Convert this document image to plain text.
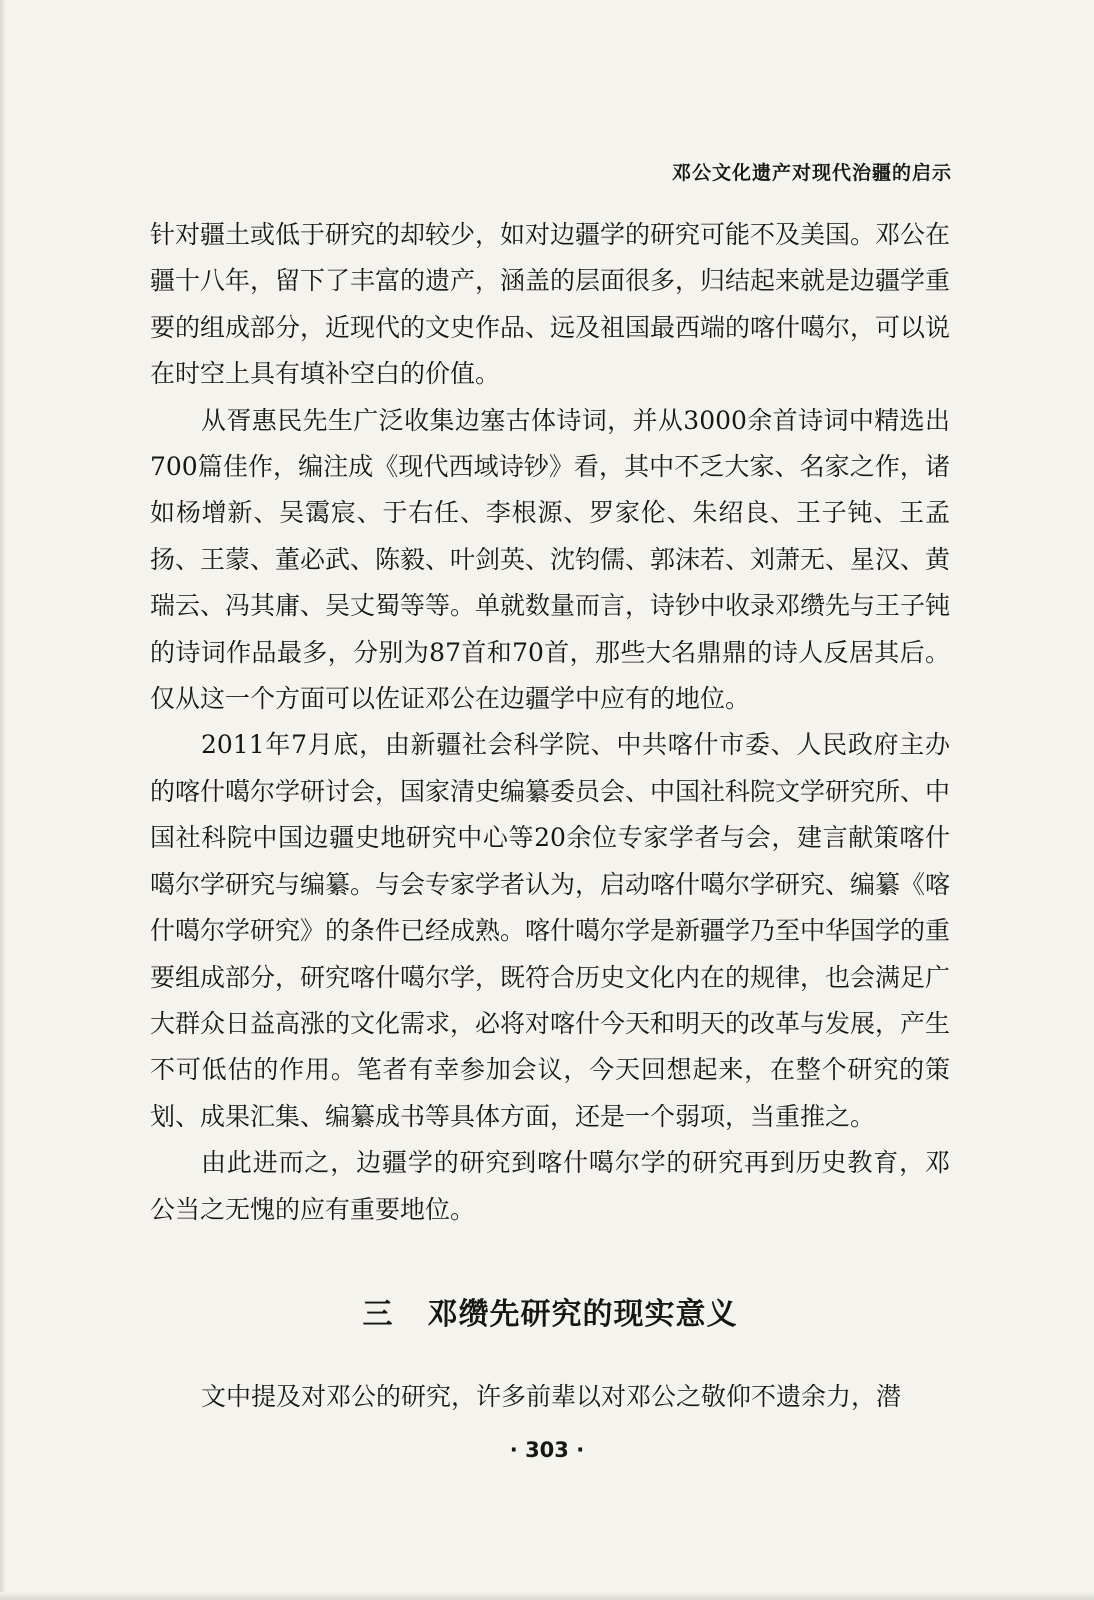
邓公文化遗产对现代治疆的启示

针对疆土或低于研究的却较少，如对边疆学的研究可能不及美国。邓公在疆十八年，留下了丰富的遗产，涵盖的层面很多，归结起来就是边疆学重要的组成部分，近现代的文史作品、远及祖国最西端的喀什噶尔，可以说在时空上具有填补空白的价值。

从胥惠民先生广泛收集边塞古体诗词，并从3000余首诗词中精选出700篇佳作，编注成《现代西域诗钞》看，其中不乏大家、名家之作，诸如杨增新、吴霭宸、于右任、李根源、罗家伦、朱绍良、王子钝、王孟扬、王蒙、董必武、陈毅、叶剑英、沈钧儒、郭沫若、刘萧无、星汉、黄瑞云、冯其庸、吴丈蜀等等。单就数量而言，诗钞中收录邓缵先与王子钝的诗词作品最多，分别为87首和70首，那些大名鼎鼎的诗人反居其后。仅从这一个方面可以佐证邓公在边疆学中应有的地位。

2011年7月底，由新疆社会科学院、中共喀什市委、人民政府主办的喀什噶尔学研讨会，国家清史编纂委员会、中国社科院文学研究所、中国社科院中国边疆史地研究中心等20余位专家学者与会，建言献策喀什噶尔学研究与编纂。与会专家学者认为，启动喀什噶尔学研究、编纂《喀什噶尔学研究》的条件已经成熟。喀什噶尔学是新疆学乃至中华国学的重要组成部分，研究喀什噶尔学，既符合历史文化内在的规律，也会满足广大群众日益高涨的文化需求，必将对喀什今天和明天的改革与发展，产生不可低估的作用。笔者有幸参加会议，今天回想起来，在整个研究的策划、成果汇集、编纂成书等具体方面，还是一个弱项，当重推之。

由此进而之，边疆学的研究到喀什噶尔学的研究再到历史教育，邓公当之无愧的应有重要地位。

三 邓缵先研究的现实意义

文中提及对邓公的研究，许多前辈以对邓公之敬仰不遗余力，潜

· 303 ·
